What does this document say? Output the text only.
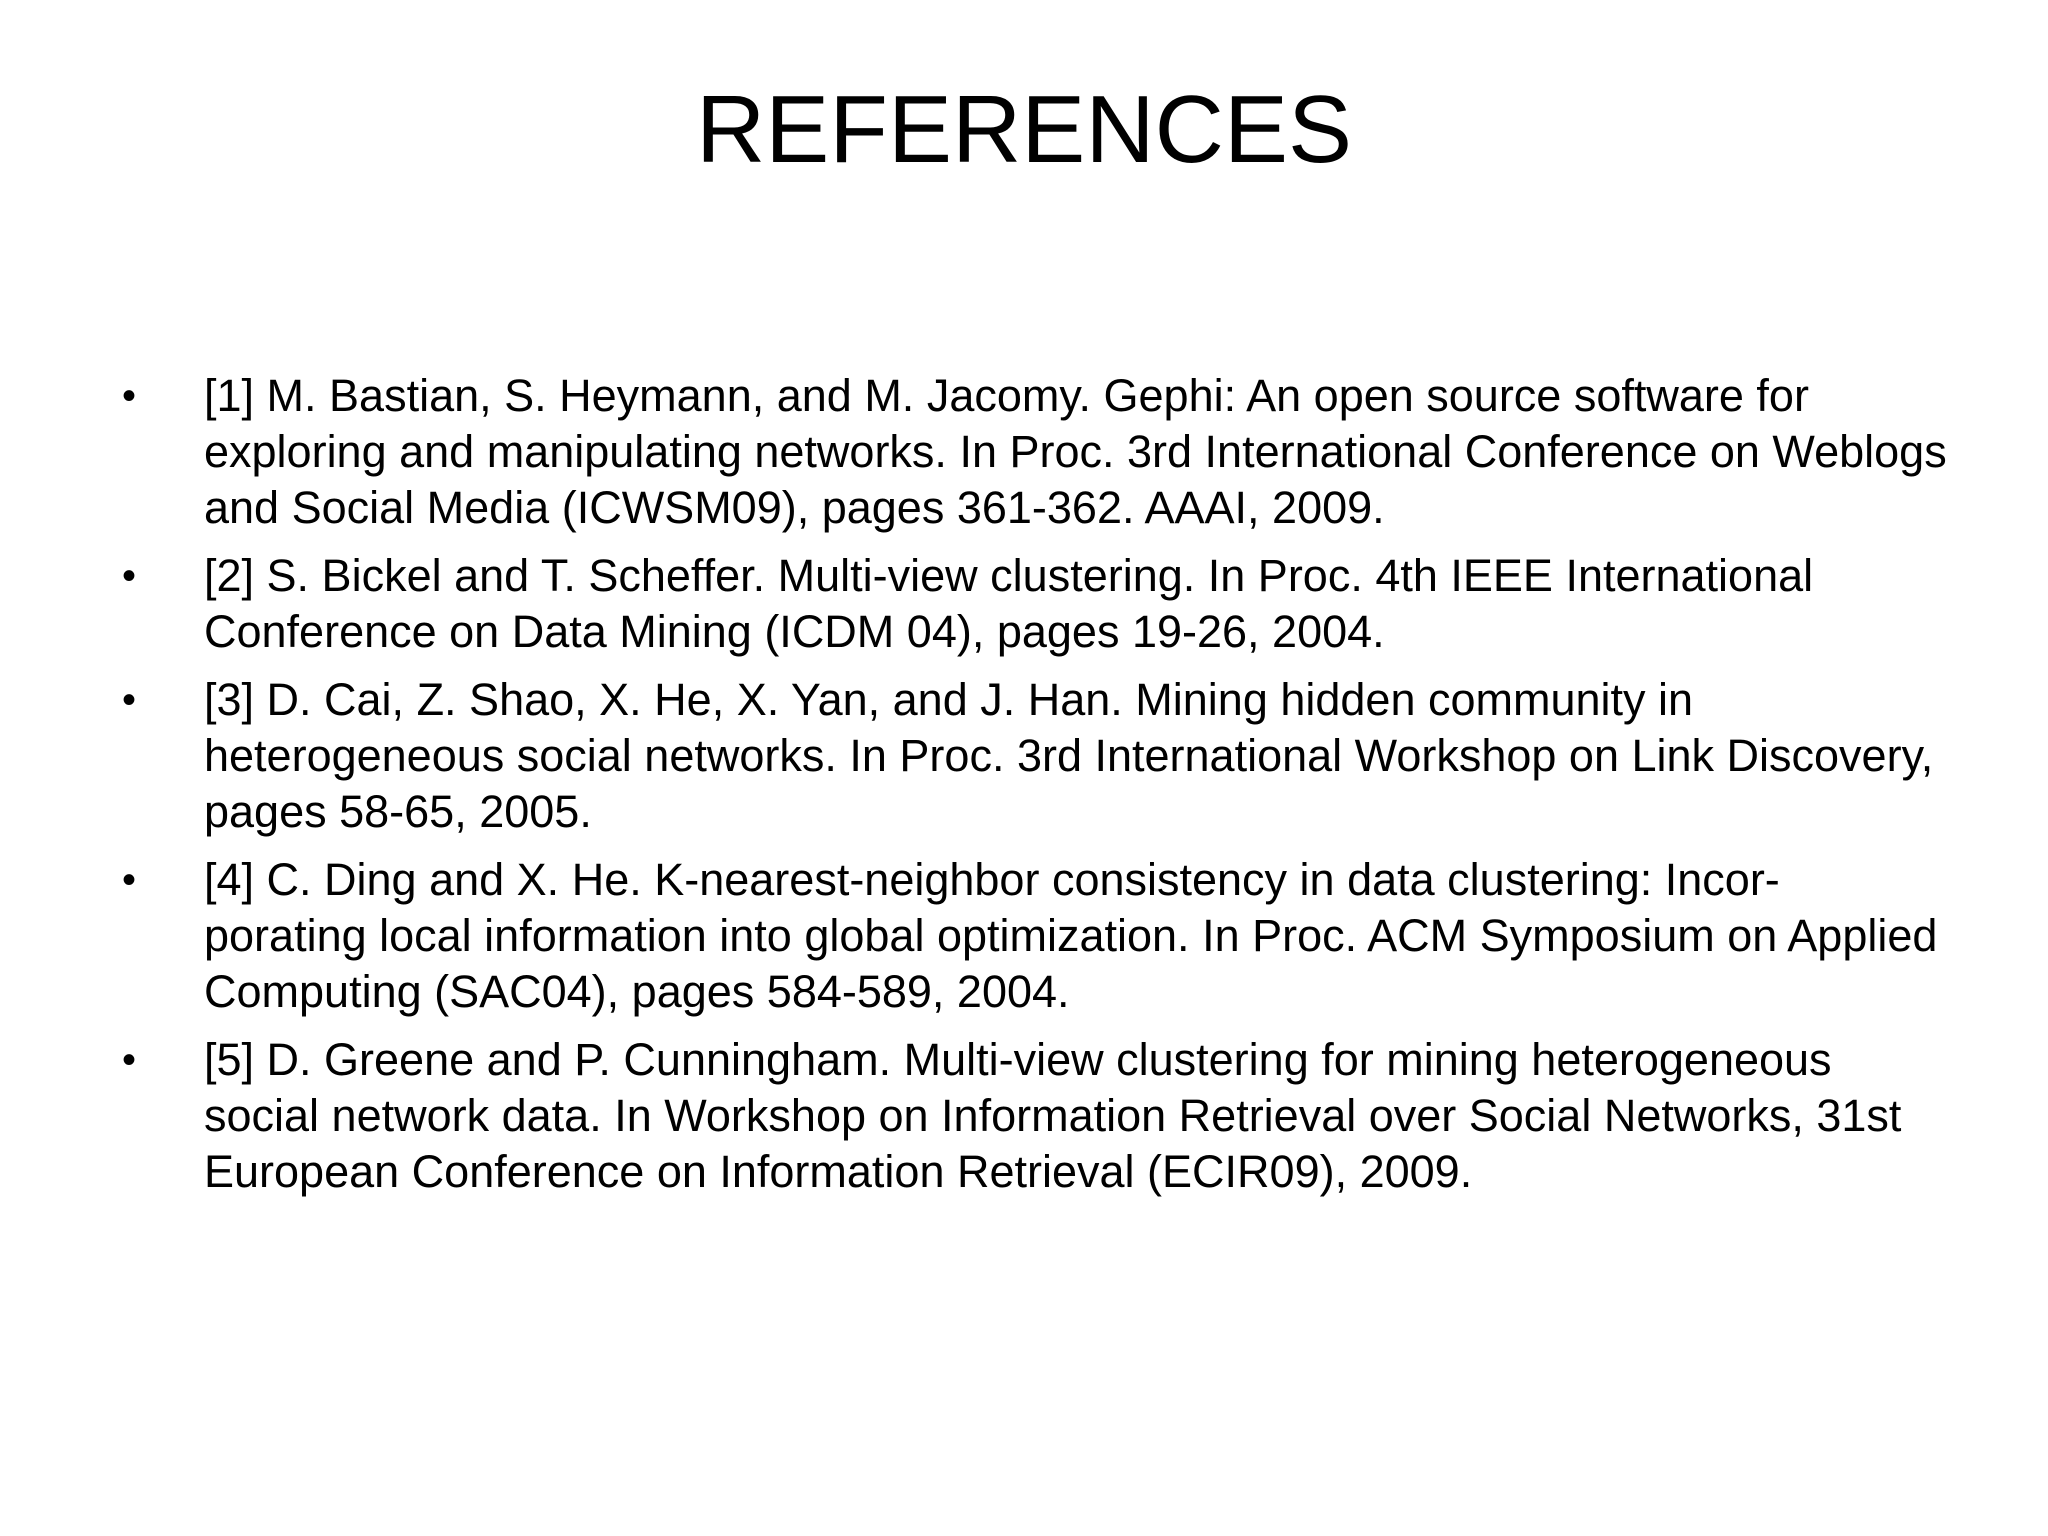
REFERENCES
• [1] M. Bastian, S. Heymann, and M. Jacomy. Gephi: An open source software for exploring and manipulating networks. In Proc. 3rd International Conference on Weblogs and Social Media (ICWSM09), pages 361-362. AAAI, 2009.
• [2] S. Bickel and T. Scheffer. Multi-view clustering. In Proc. 4th IEEE International Conference on Data Mining (ICDM 04), pages 19-26, 2004.
• [3] D. Cai, Z. Shao, X. He, X. Yan, and J. Han. Mining hidden community in heterogeneous social networks. In Proc. 3rd International Workshop on Link Discovery, pages 58-65, 2005.
• [4] C. Ding and X. He. K-nearest-neighbor consistency in data clustering: Incor- porating local information into global optimization. In Proc. ACM Symposium on Applied Computing (SAC04), pages 584-589, 2004.
• [5] D. Greene and P. Cunningham. Multi-view clustering for mining heterogeneous social network data. In Workshop on Information Retrieval over Social Networks, 31st European Conference on Information Retrieval (ECIR09), 2009.
